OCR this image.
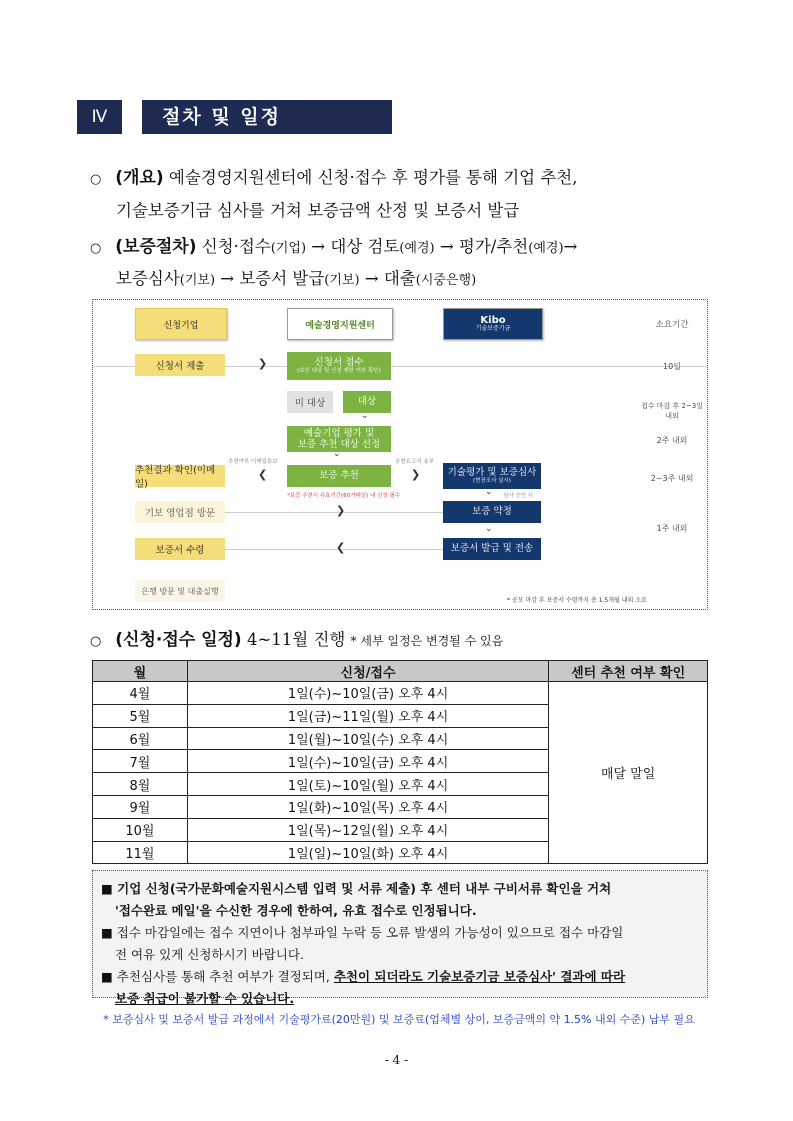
Ⅳ	절차 및 일정
○ (개요) 예술경영지원센터에 신청·접수 후 평가를 통해 기업 추천,
기술보증기금 심사를 거쳐 보증금액 산정 및 보증서 발급
○ (보증절차) 신청·접수(기업) → 대상 검토(예경) → 평가/추천(예경)→
보증심사(기보) → 보증서 발급(기보) → 대출(시중은행)
신청기업	예술경영지원센터	Kibo
기술보증기금	소요기간
신청서 제출	❯	신청서 접수
(보증 대상 및 신청 제한 여부 확인)
10일
미 대상	대상	접수 마감 후 2~3일 내외
⌄
예술기업 평가 및
보증 추천 대상 선정	2주 내외
⌄
추천여부 이메일통보	추천요고서 송부
추천결과 확인(이메일)
❮	보증 추천	❯	기술평가 및 보증심사
(현장조사 실시)	2~3주 내외
*보증 추천시 유효기간(60거래일) 내 신청 필수	⌄ 심사 승인 시
기보 영업점 방문	❯	보증 약정
1주 내외
⌄
보증서 수령	❮	보증서 발급 및 전송
은행 방문 및 대출실행
* 공모 마감 후 보증서 수령까지 총 1.5개월 내외 소요
○ (신청·접수 일정) 4~11월 진행 * 세부 일정은 변경될 수 있음
월	신청/접수	센터 추천 여부 확인
4월	1일(수)~10일(금) 오후 4시	매달 말일
5월	1일(금)~11일(월) 오후 4시	
6월	1일(월)~10일(수) 오후 4시	
7월	1일(수)~10일(금) 오후 4시	
8월	1일(토)~10일(월) 오후 4시	
9월	1일(화)~10일(목) 오후 4시	
10월	1일(목)~12일(월) 오후 4시	
11월	1일(일)~10일(화) 오후 4시	
■ 기업 신청(국가문화예술지원시스템 입력 및 서류 제출) 후 센터 내부 구비서류 확인을 거쳐
'접수완료 메일'을 수신한 경우에 한하여, 유효 접수로 인정됩니다.
■ 접수 마감일에는 접수 지연이나 첨부파일 누락 등 오류 발생의 가능성이 있으므로 접수 마감일
전 여유 있게 신청하시기 바랍니다.
■ 추천심사를 통해 추천 여부가 결정되며, 추천이 되더라도 기술보증기금 보증심사' 결과에 따라
보증 취급이 불가할 수 있습니다.
* 보증심사 및 보증서 발급 과정에서 기술평가료(20만원) 및 보증료(업체별 상이, 보증금액의 약 1.5% 내외 수준) 납부 필요
- 4 -
